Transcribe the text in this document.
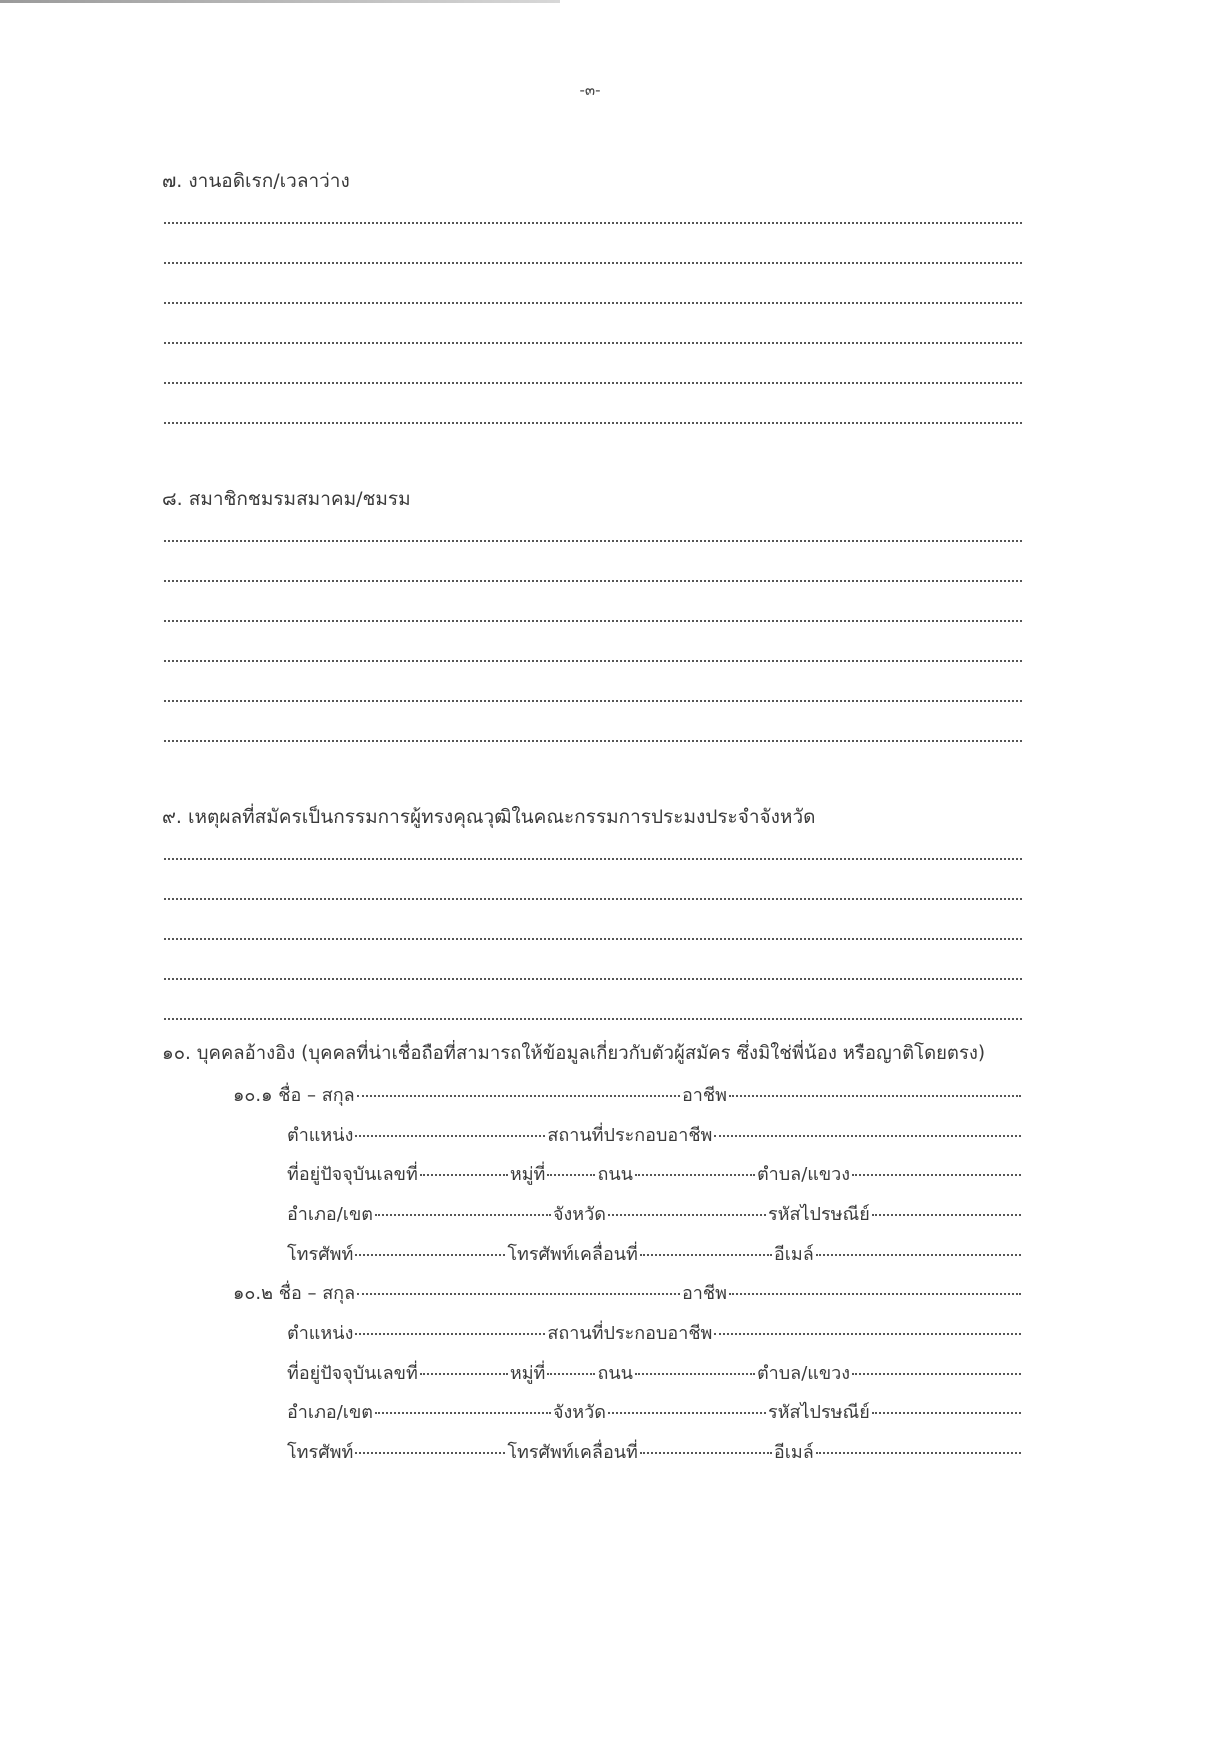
-๓-
๗. งานอดิเรก/เวลาว่าง
๘. สมาชิกชมรมสมาคม/ชมรม
๙. เหตุผลที่สมัครเป็นกรรมการผู้ทรงคุณวุฒิในคณะกรรมการประมงประจำจังหวัด
๑๐. บุคคลอ้างอิง (บุคคลที่น่าเชื่อถือที่สามารถให้ข้อมูลเกี่ยวกับตัวผู้สมัคร ซึ่งมิใช่พี่น้อง หรือญาติโดยตรง)
๑๐.๑ ชื่อ – สกุล	อาชีพ
ตำแหน่ง	สถานที่ประกอบอาชีพ
ที่อยู่ปัจจุบันเลขที่	หมู่ที่	ถนน	ตำบล/แขวง
อำเภอ/เขต	จังหวัด	รหัสไปรษณีย์
โทรศัพท์	โทรศัพท์เคลื่อนที่	อีเมล์
๑๐.๒ ชื่อ – สกุล	อาชีพ
ตำแหน่ง	สถานที่ประกอบอาชีพ
ที่อยู่ปัจจุบันเลขที่	หมู่ที่	ถนน	ตำบล/แขวง
อำเภอ/เขต	จังหวัด	รหัสไปรษณีย์
โทรศัพท์	โทรศัพท์เคลื่อนที่	อีเมล์
